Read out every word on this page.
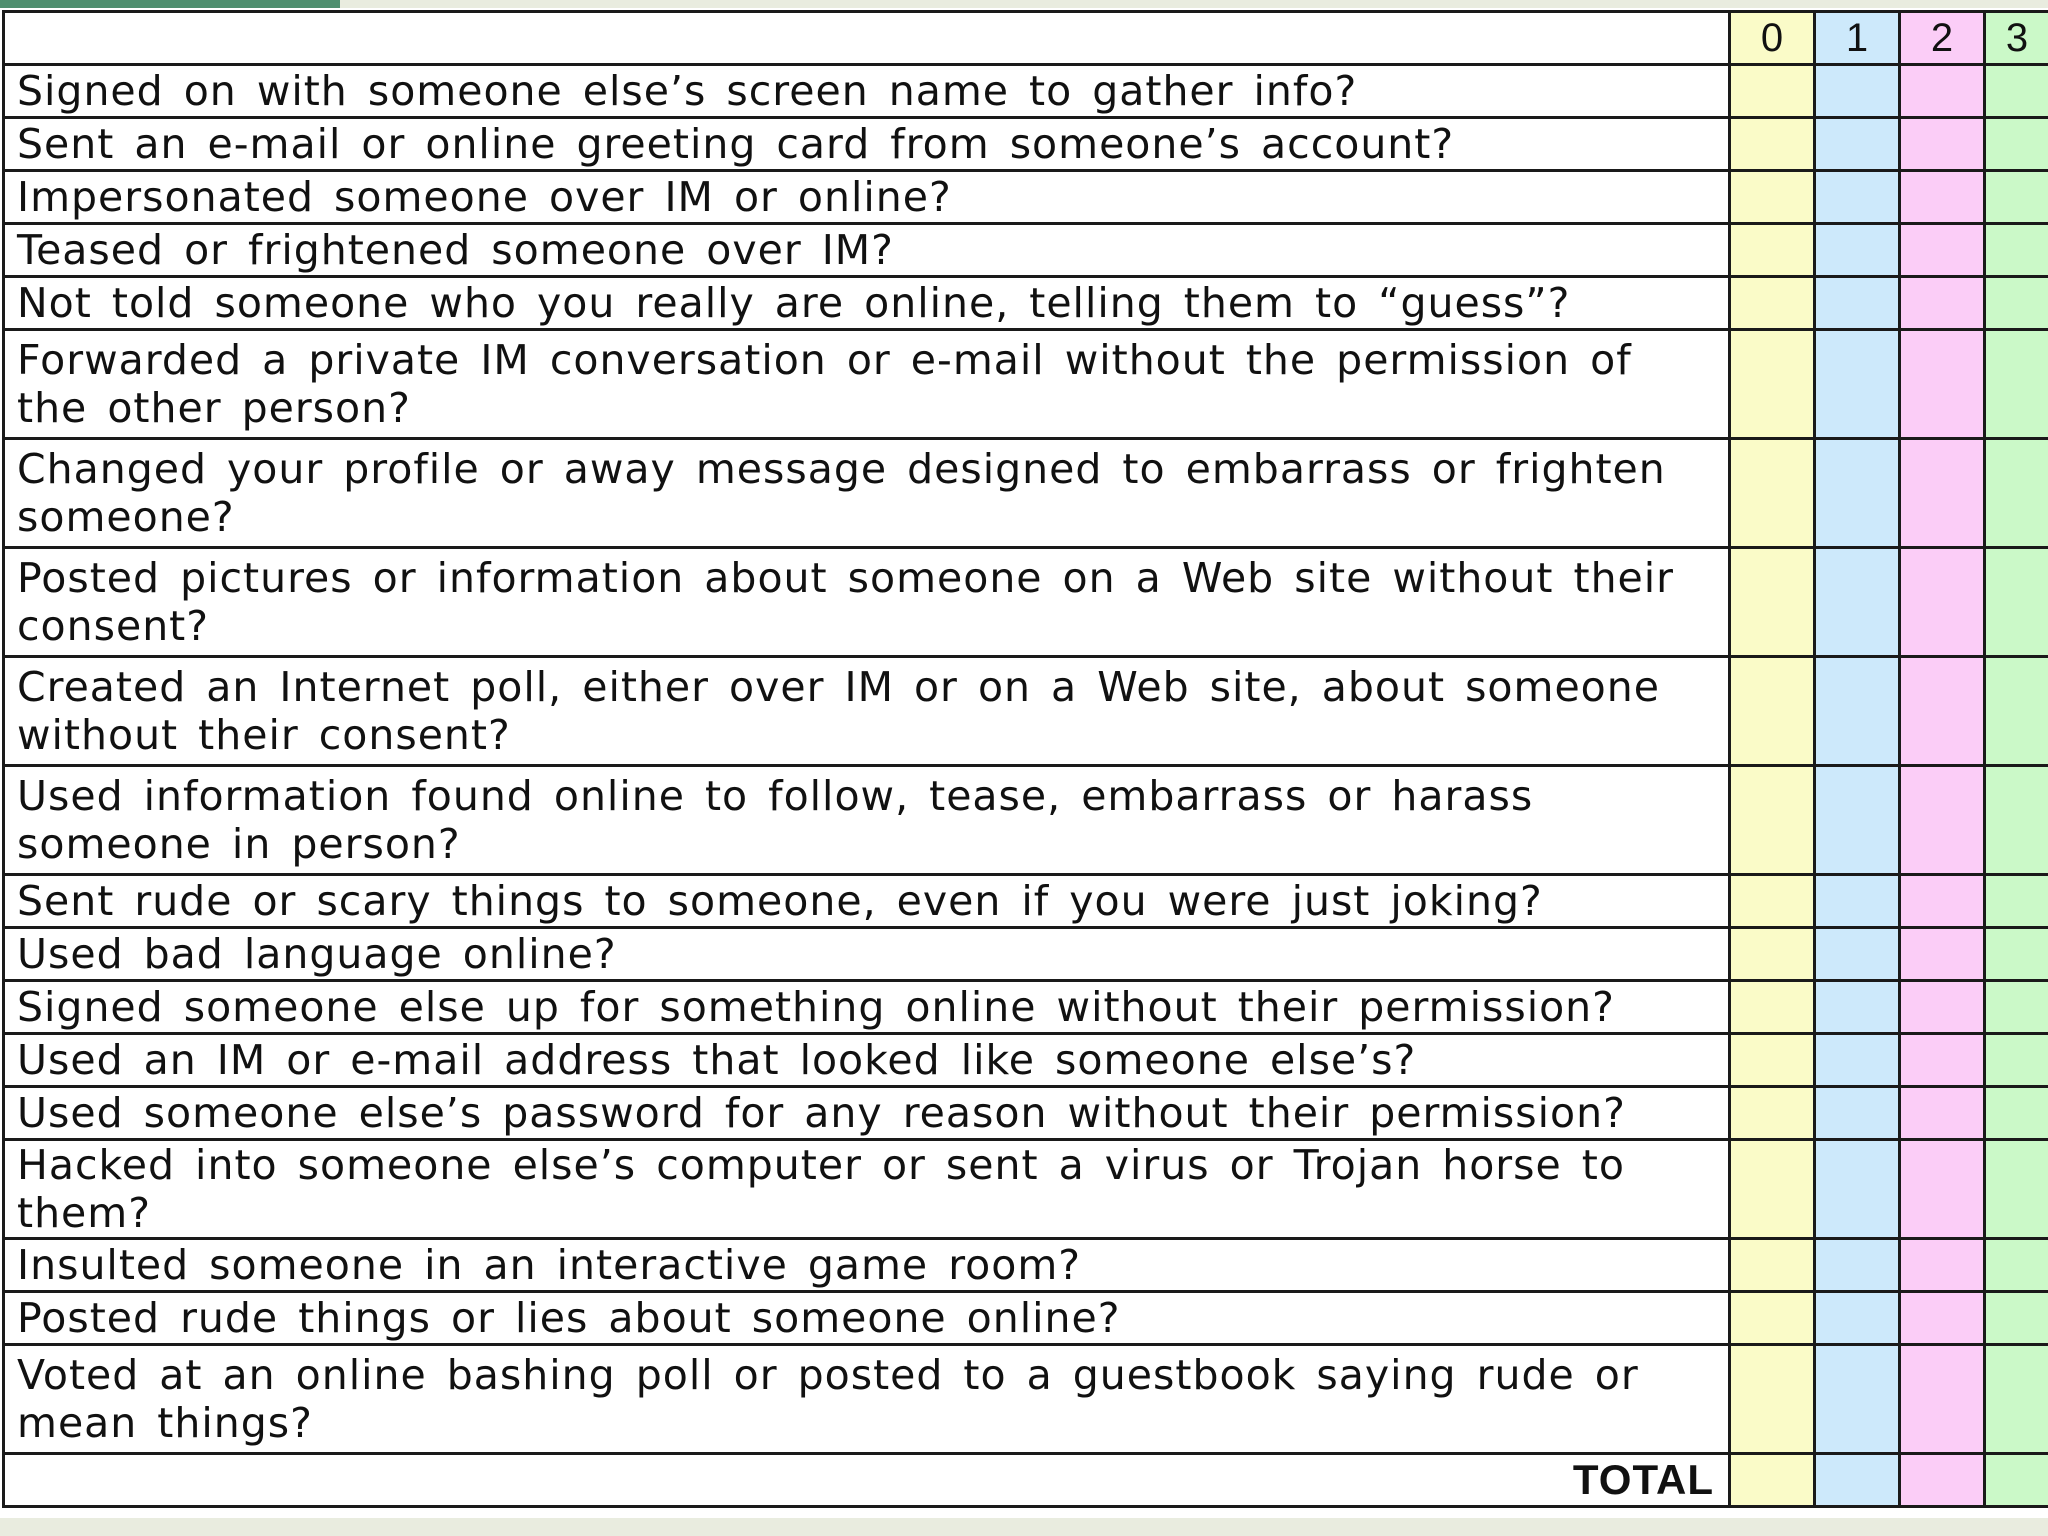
	0	1	2	3
Signed on with someone else’s screen name to gather info?				
Sent an e-mail or online greeting card from someone’s account?				
Impersonated someone over IM or online?				
Teased or frightened someone over IM?				
Not told someone who you really are online, telling them to “guess”?				
Forwarded a private IM conversation or e-mail without the permission of the other person?				
Changed your profile or away message designed to embarrass or frighten someone?				
Posted pictures or information about someone on a Web site without their consent?				
Created an Internet poll, either over IM or on a Web site, about someone without their consent?				
Used information found online to follow, tease, embarrass or harass someone in person?				
Sent rude or scary things to someone, even if you were just joking?				
Used bad language online?				
Signed someone else up for something online without their permission?				
Used an IM or e-mail address that looked like someone else’s?				
Used someone else’s password for any reason without their permission?				
Hacked into someone else’s computer or sent a virus or Trojan horse to them?				
Insulted someone in an interactive game room?				
Posted rude things or lies about someone online?				
Voted at an online bashing poll or posted to a guestbook saying rude or mean things?				
TOTAL				
